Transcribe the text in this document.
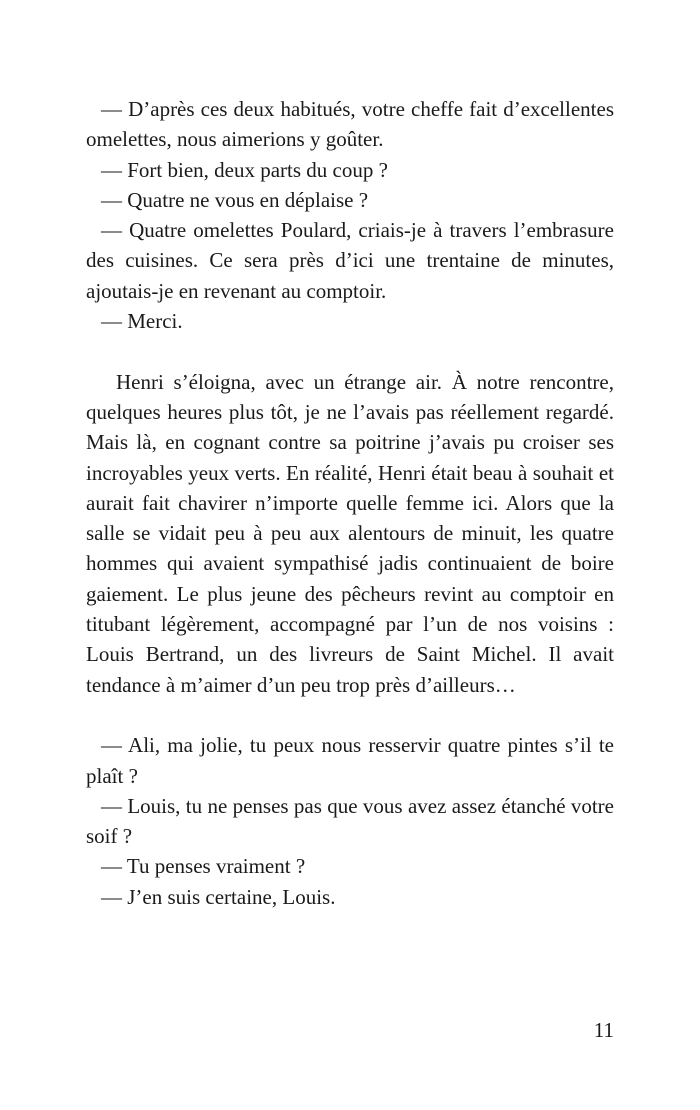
— D’après ces deux habitués, votre cheffe fait d’excellentes omelettes, nous aimerions y goûter.

— Fort bien, deux parts du coup ?

— Quatre ne vous en déplaise ?

— Quatre omelettes Poulard, criais-je à travers l’embrasure des cuisines. Ce sera près d’ici une trentaine de minutes, ajoutais-je en revenant au comptoir.

— Merci.

Henri s’éloigna, avec un étrange air. À notre rencontre, quelques heures plus tôt, je ne l’avais pas réellement regardé. Mais là, en cognant contre sa poitrine j’avais pu croiser ses incroyables yeux verts. En réalité, Henri était beau à souhait et aurait fait chavirer n’importe quelle femme ici. Alors que la salle se vidait peu à peu aux alentours de minuit, les quatre hommes qui avaient sympathisé jadis continuaient de boire gaiement. Le plus jeune des pêcheurs revint au comptoir en titubant légèrement, accompagné par l’un de nos voisins : Louis Bertrand, un des livreurs de Saint Michel. Il avait tendance à m’aimer d’un peu trop près d’ailleurs…

— Ali, ma jolie, tu peux nous resservir quatre pintes s’il te plaît ?

— Louis, tu ne penses pas que vous avez assez étanché votre soif ?

— Tu penses vraiment ?

— J’en suis certaine, Louis.

11
